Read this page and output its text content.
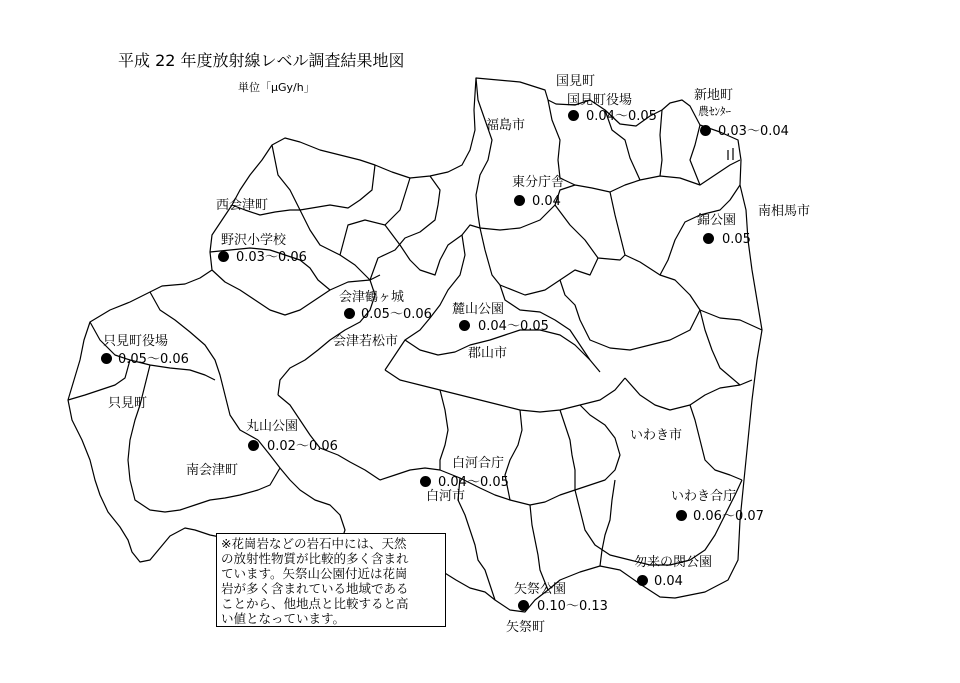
平成 22 年度放射線レベル調査結果地図
単位「μGy/h」	国見町
福島市
新地町
南相馬市
西会津町
会津若松市
郡山市
只見町
南会津町
いわき市
白河市
矢祭町
国見町役場
0.04～0.05	農ｾﾝﾀｰ
0.03～0.04
東分庁舎
0.04
野沢小学校
0.03～0.06
会津鶴ヶ城
0.05～0.06 麓山公園
0.04～0.05
錦公園
0.05
只見町役場
0.05～0.06
丸山公園
0.02～0.06
白河合庁
0.04～0.05
いわき合庁
0.06～0.07
勿来の関公園
0.04
矢祭公園
0.10～0.13
※花崗岩などの岩石中には、天然
の放射性物質が比較的多く含まれ
ています。矢祭山公園付近は花崗
岩が多く含まれている地域である
ことから、他地点と比較すると高
い値となっています。
